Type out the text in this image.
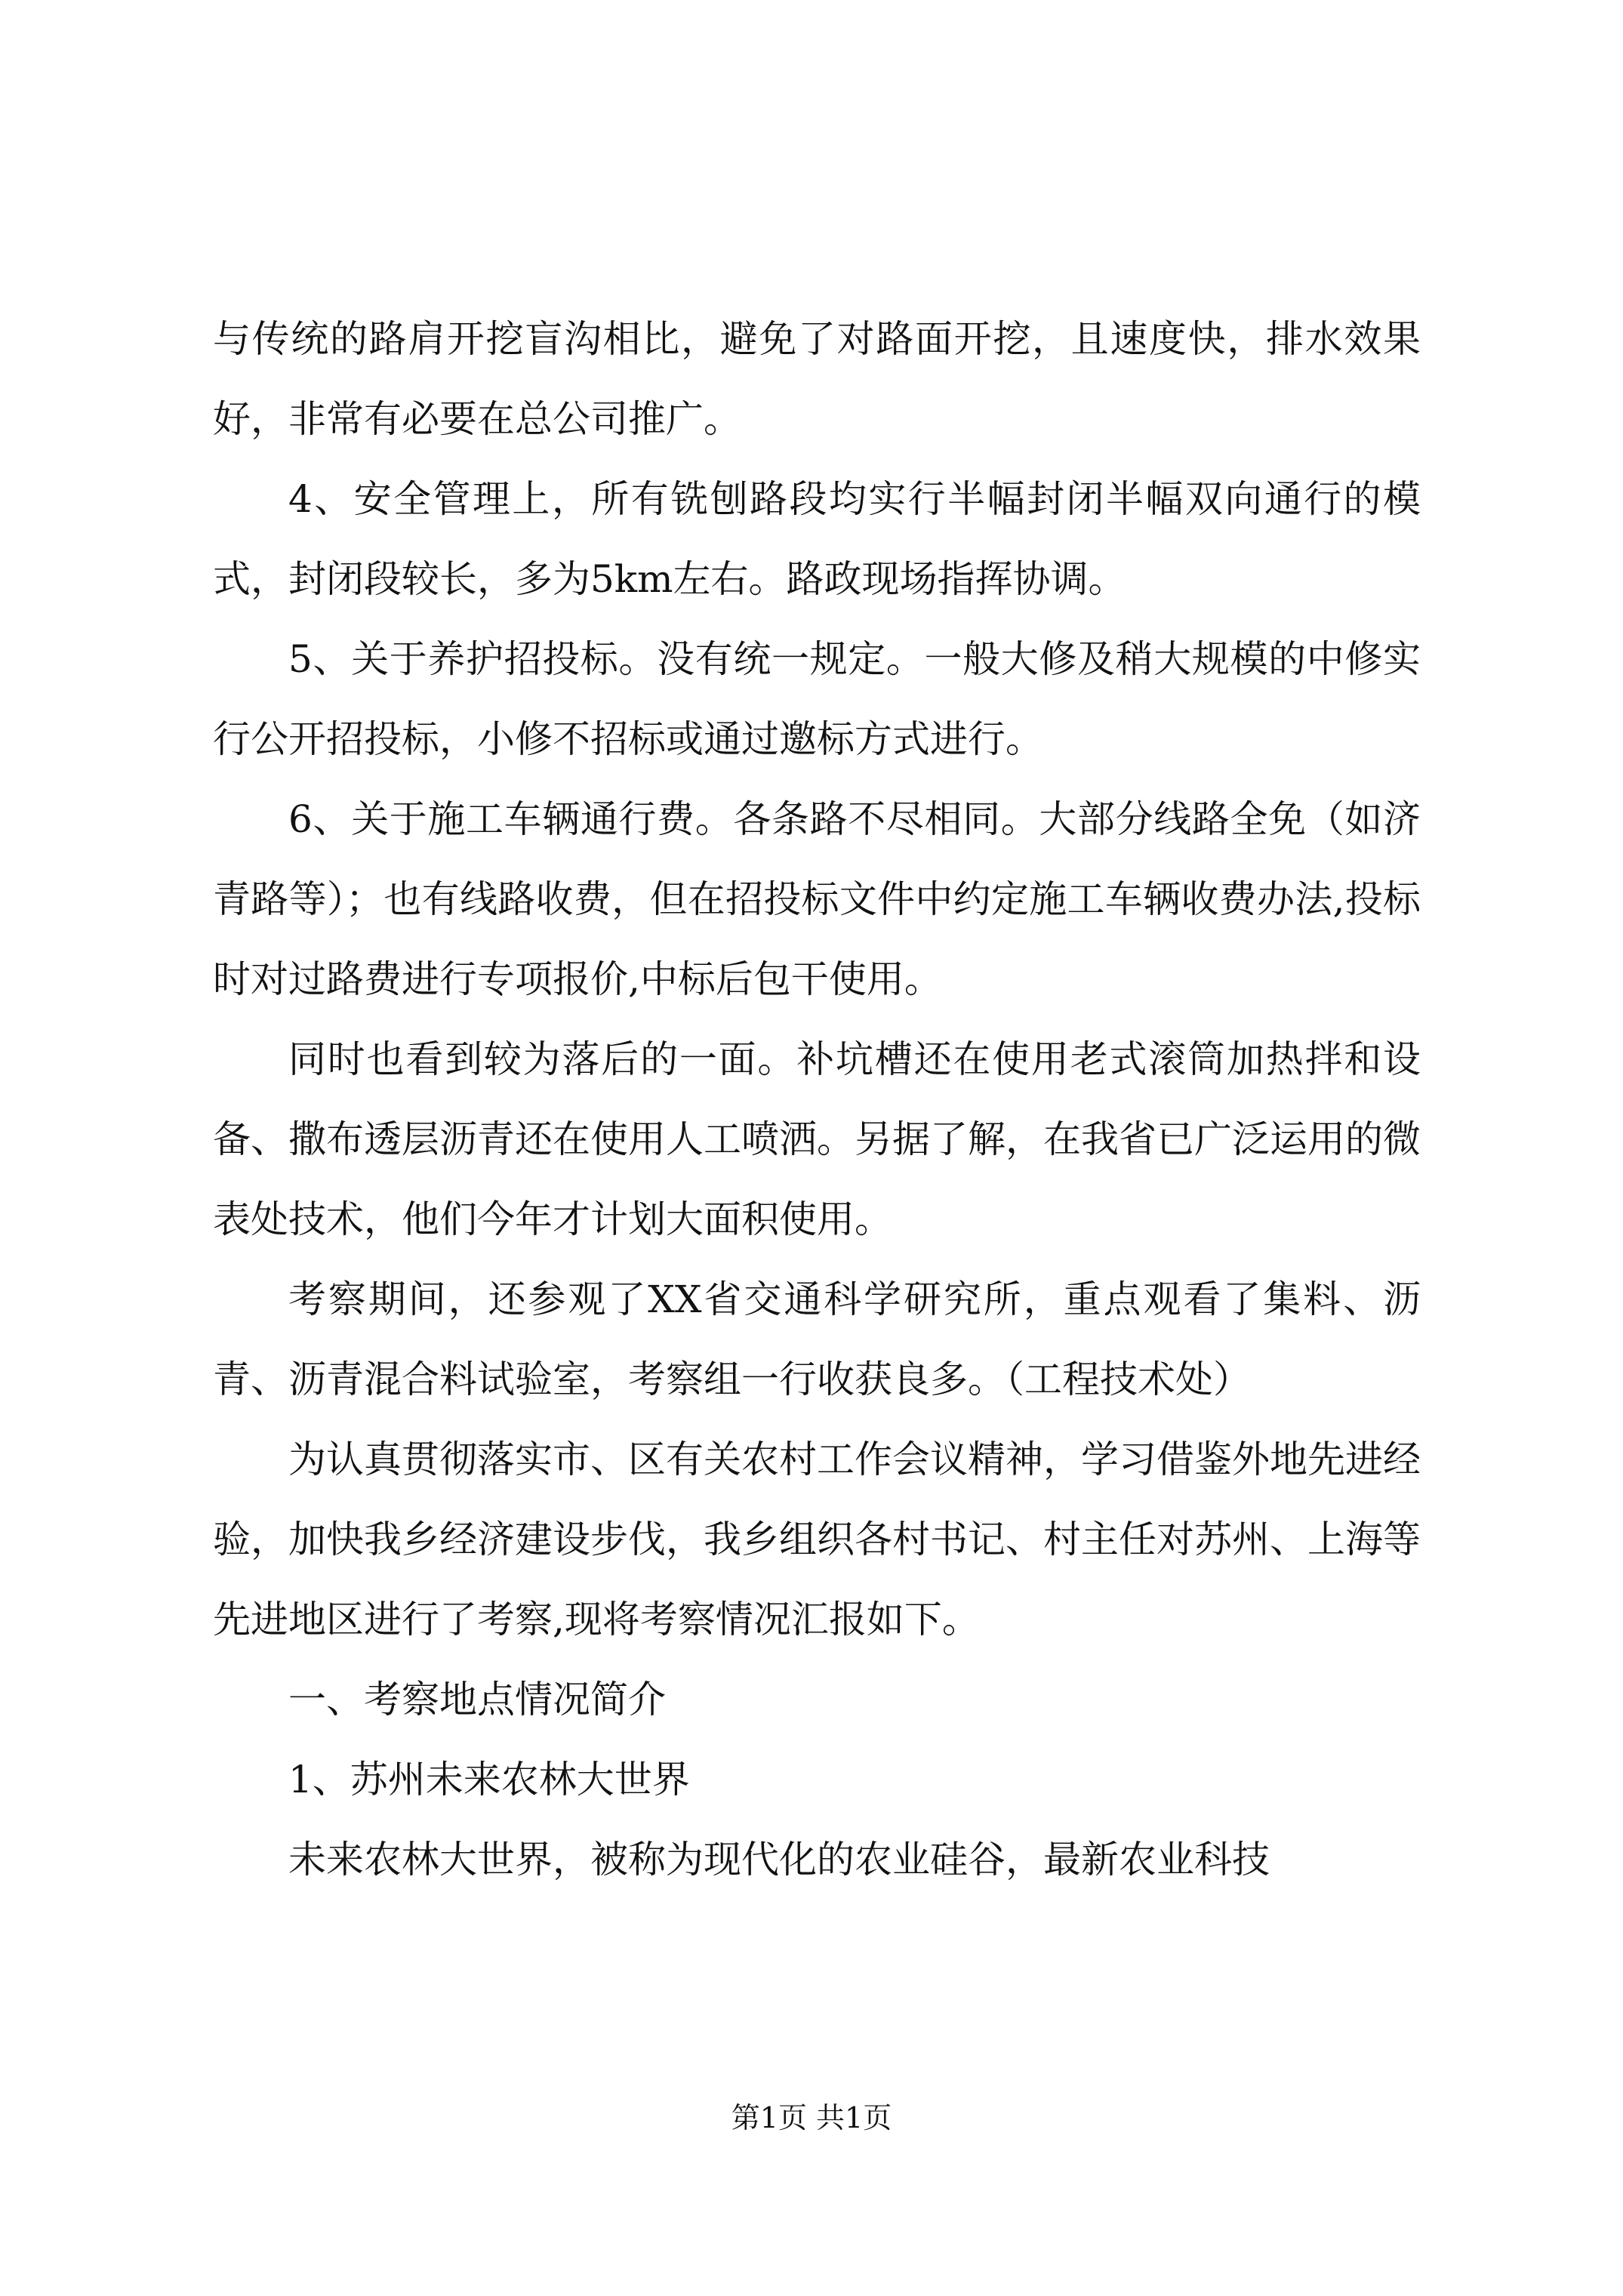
与传统的路肩开挖盲沟相比，避免了对路面开挖，且速度快，排水效果好，非常有必要在总公司推广。

4、安全管理上，所有铣刨路段均实行半幅封闭半幅双向通行的模式，封闭段较长，多为5km左右。路政现场指挥协调。

5、关于养护招投标。没有统一规定。一般大修及稍大规模的中修实行公开招投标，小修不招标或通过邀标方式进行。

6、关于施工车辆通行费。各条路不尽相同。大部分线路全免（如济青路等）；也有线路收费，但在招投标文件中约定施工车辆收费办法,投标时对过路费进行专项报价,中标后包干使用。

同时也看到较为落后的一面。补坑槽还在使用老式滚筒加热拌和设备、撒布透层沥青还在使用人工喷洒。另据了解，在我省已广泛运用的微表处技术，他们今年才计划大面积使用。

考察期间，还参观了XX省交通科学研究所，重点观看了集料、沥青、沥青混合料试验室，考察组一行收获良多。（工程技术处）

为认真贯彻落实市、区有关农村工作会议精神，学习借鉴外地先进经验，加快我乡经济建设步伐，我乡组织各村书记、村主任对苏州、上海等先进地区进行了考察,现将考察情况汇报如下。

一、考察地点情况简介

1、苏州未来农林大世界

未来农林大世界，被称为现代化的农业硅谷，最新农业科技

第1页 共1页
